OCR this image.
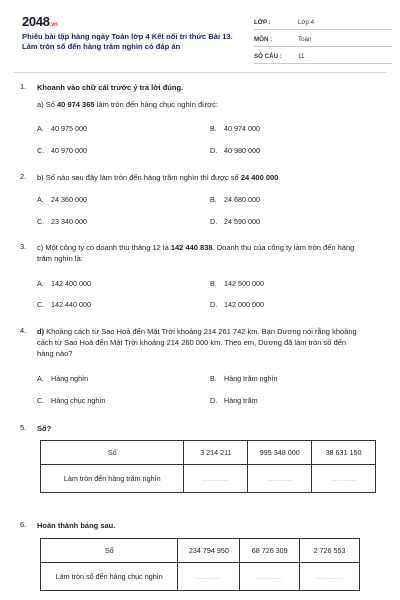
2048.vn
Phiếu bài tập hàng ngày Toán lớp 4 Kết nối tri thức Bài 13.
Làm tròn số đến hàng trăm nghìn có đáp án
LỚP :	Lớp 4
MÔN :	Toán
SỐ CÂU :	11
1. Khoanh vào chữ cái trước ý trả lời đúng.
a) Số 40 974 365 làm tròn đến hàng chục nghìn được:
A. 40 975 000	B. 40 974 000
C. 40 970 000	D. 40 980 000
2. b) Số nào sau đây làm tròn đến hàng trăm nghìn thì được số 24 400 000
A. 24 360 000	B. 24 680 000
C. 23 340 000	D. 24 590 000
3. c) Một công ty có doanh thu tháng 12 là 142 440 838. Doanh thu của công ty làm tròn đến hàng
trăm nghìn là:
A. 142 400 000	B. 142 500 000
C. 142 440 000	D. 142 000 000
4. d) Khoảng cách từ Sao Hoả đến Mặt Trời khoảng 214 261 742 km. Bạn Dương nói rằng khoảng
cách từ Sao Hoả đến Mặt Trời khoảng 214 260 000 km. Theo em, Dương đã làm tròn số đến
hàng nào?
A. Hàng nghìn	B. Hàng trăm nghìn
C. Hàng chục nghìn	D. Hàng trăm
5. Số?
Số	3 214 211	995 348 000	38 631 150
Làm tròn đến hàng trăm nghìn	............	............	............
6. Hoàn thành bảng sau.
Số	234 794 950	68 726 309	2 726 553
Làm tròn số đến hàng chục nghìn	............	............	............
